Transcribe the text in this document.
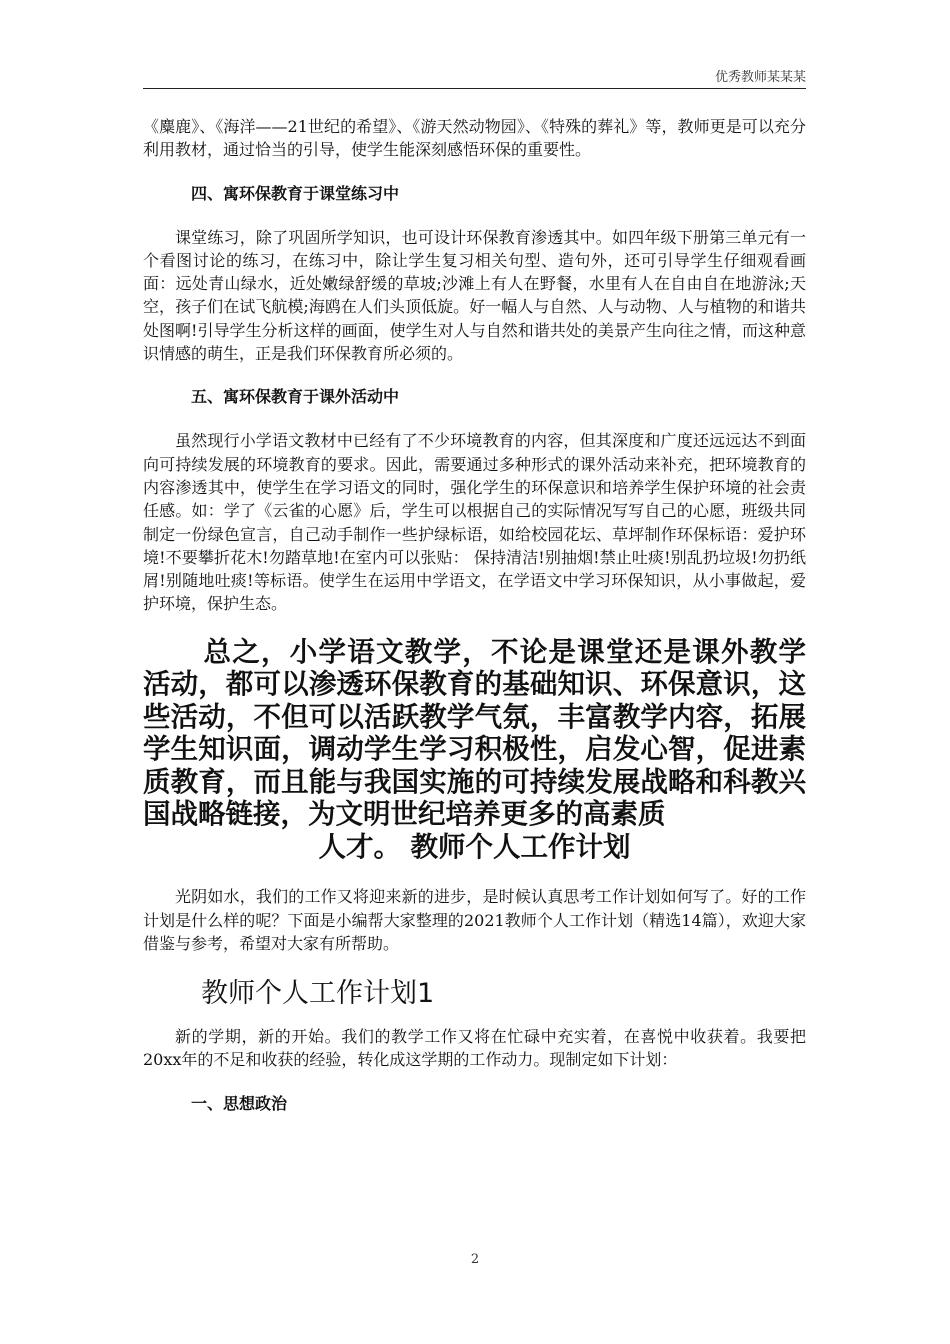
优秀教师某某某

《麋鹿》、《海洋——21世纪的希望》、《游天然动物园》、《特殊的葬礼》等，教师更是可以充分利用教材，通过恰当的引导，使学生能深刻感悟环保的重要性。

四、寓环保教育于课堂练习中

课堂练习，除了巩固所学知识，也可设计环保教育渗透其中。如四年级下册第三单元有一个看图讨论的练习，在练习中，除让学生复习相关句型、造句外，还可引导学生仔细观看画面：远处青山绿水，近处嫩绿舒缓的草坡;沙滩上有人在野餐，水里有人在自由自在地游泳;天空，孩子们在试飞航模;海鸥在人们头顶低旋。好一幅人与自然、人与动物、人与植物的和谐共处图啊!引导学生分析这样的画面，使学生对人与自然和谐共处的美景产生向往之情，而这种意识情感的萌生，正是我们环保教育所必须的。

五、寓环保教育于课外活动中

虽然现行小学语文教材中已经有了不少环境教育的内容，但其深度和广度还远远达不到面向可持续发展的环境教育的要求。因此，需要通过多种形式的课外活动来补充，把环境教育的内容渗透其中，使学生在学习语文的同时，强化学生的环保意识和培养学生保护环境的社会责任感。如：学了《云雀的心愿》后，学生可以根据自己的实际情况写写自己的心愿，班级共同制定一份绿色宣言，自己动手制作一些护绿标语，如给校园花坛、草坪制作环保标语：爱护环境!不要攀折花木!勿踏草地!在室内可以张贴： 保持清洁!别抽烟!禁止吐痰!别乱扔垃圾!勿扔纸屑!别随地吐痰!等标语。使学生在运用中学语文，在学语文中学习环保知识，从小事做起，爱护环境，保护生态。

总之，小学语文教学，不论是课堂还是课外教学活动，都可以渗透环保教育的基础知识、环保意识，这些活动，不但可以活跃教学气氛，丰富教学内容，拓展学生知识面，调动学生学习积极性，启发心智，促进素质教育，而且能与我国实施的可持续发展战略和科教兴国战略链接，为文明世纪培养更多的高素质
人才。 教师个人工作计划

光阴如水，我们的工作又将迎来新的进步，是时候认真思考工作计划如何写了。好的工作计划是什么样的呢？下面是小编帮大家整理的2021教师个人工作计划（精选14篇），欢迎大家借鉴与参考，希望对大家有所帮助。

教师个人工作计划1

新的学期，新的开始。我们的教学工作又将在忙碌中充实着，在喜悦中收获着。我要把20xx年的不足和收获的经验，转化成这学期的工作动力。现制定如下计划：

一、思想政治
2
